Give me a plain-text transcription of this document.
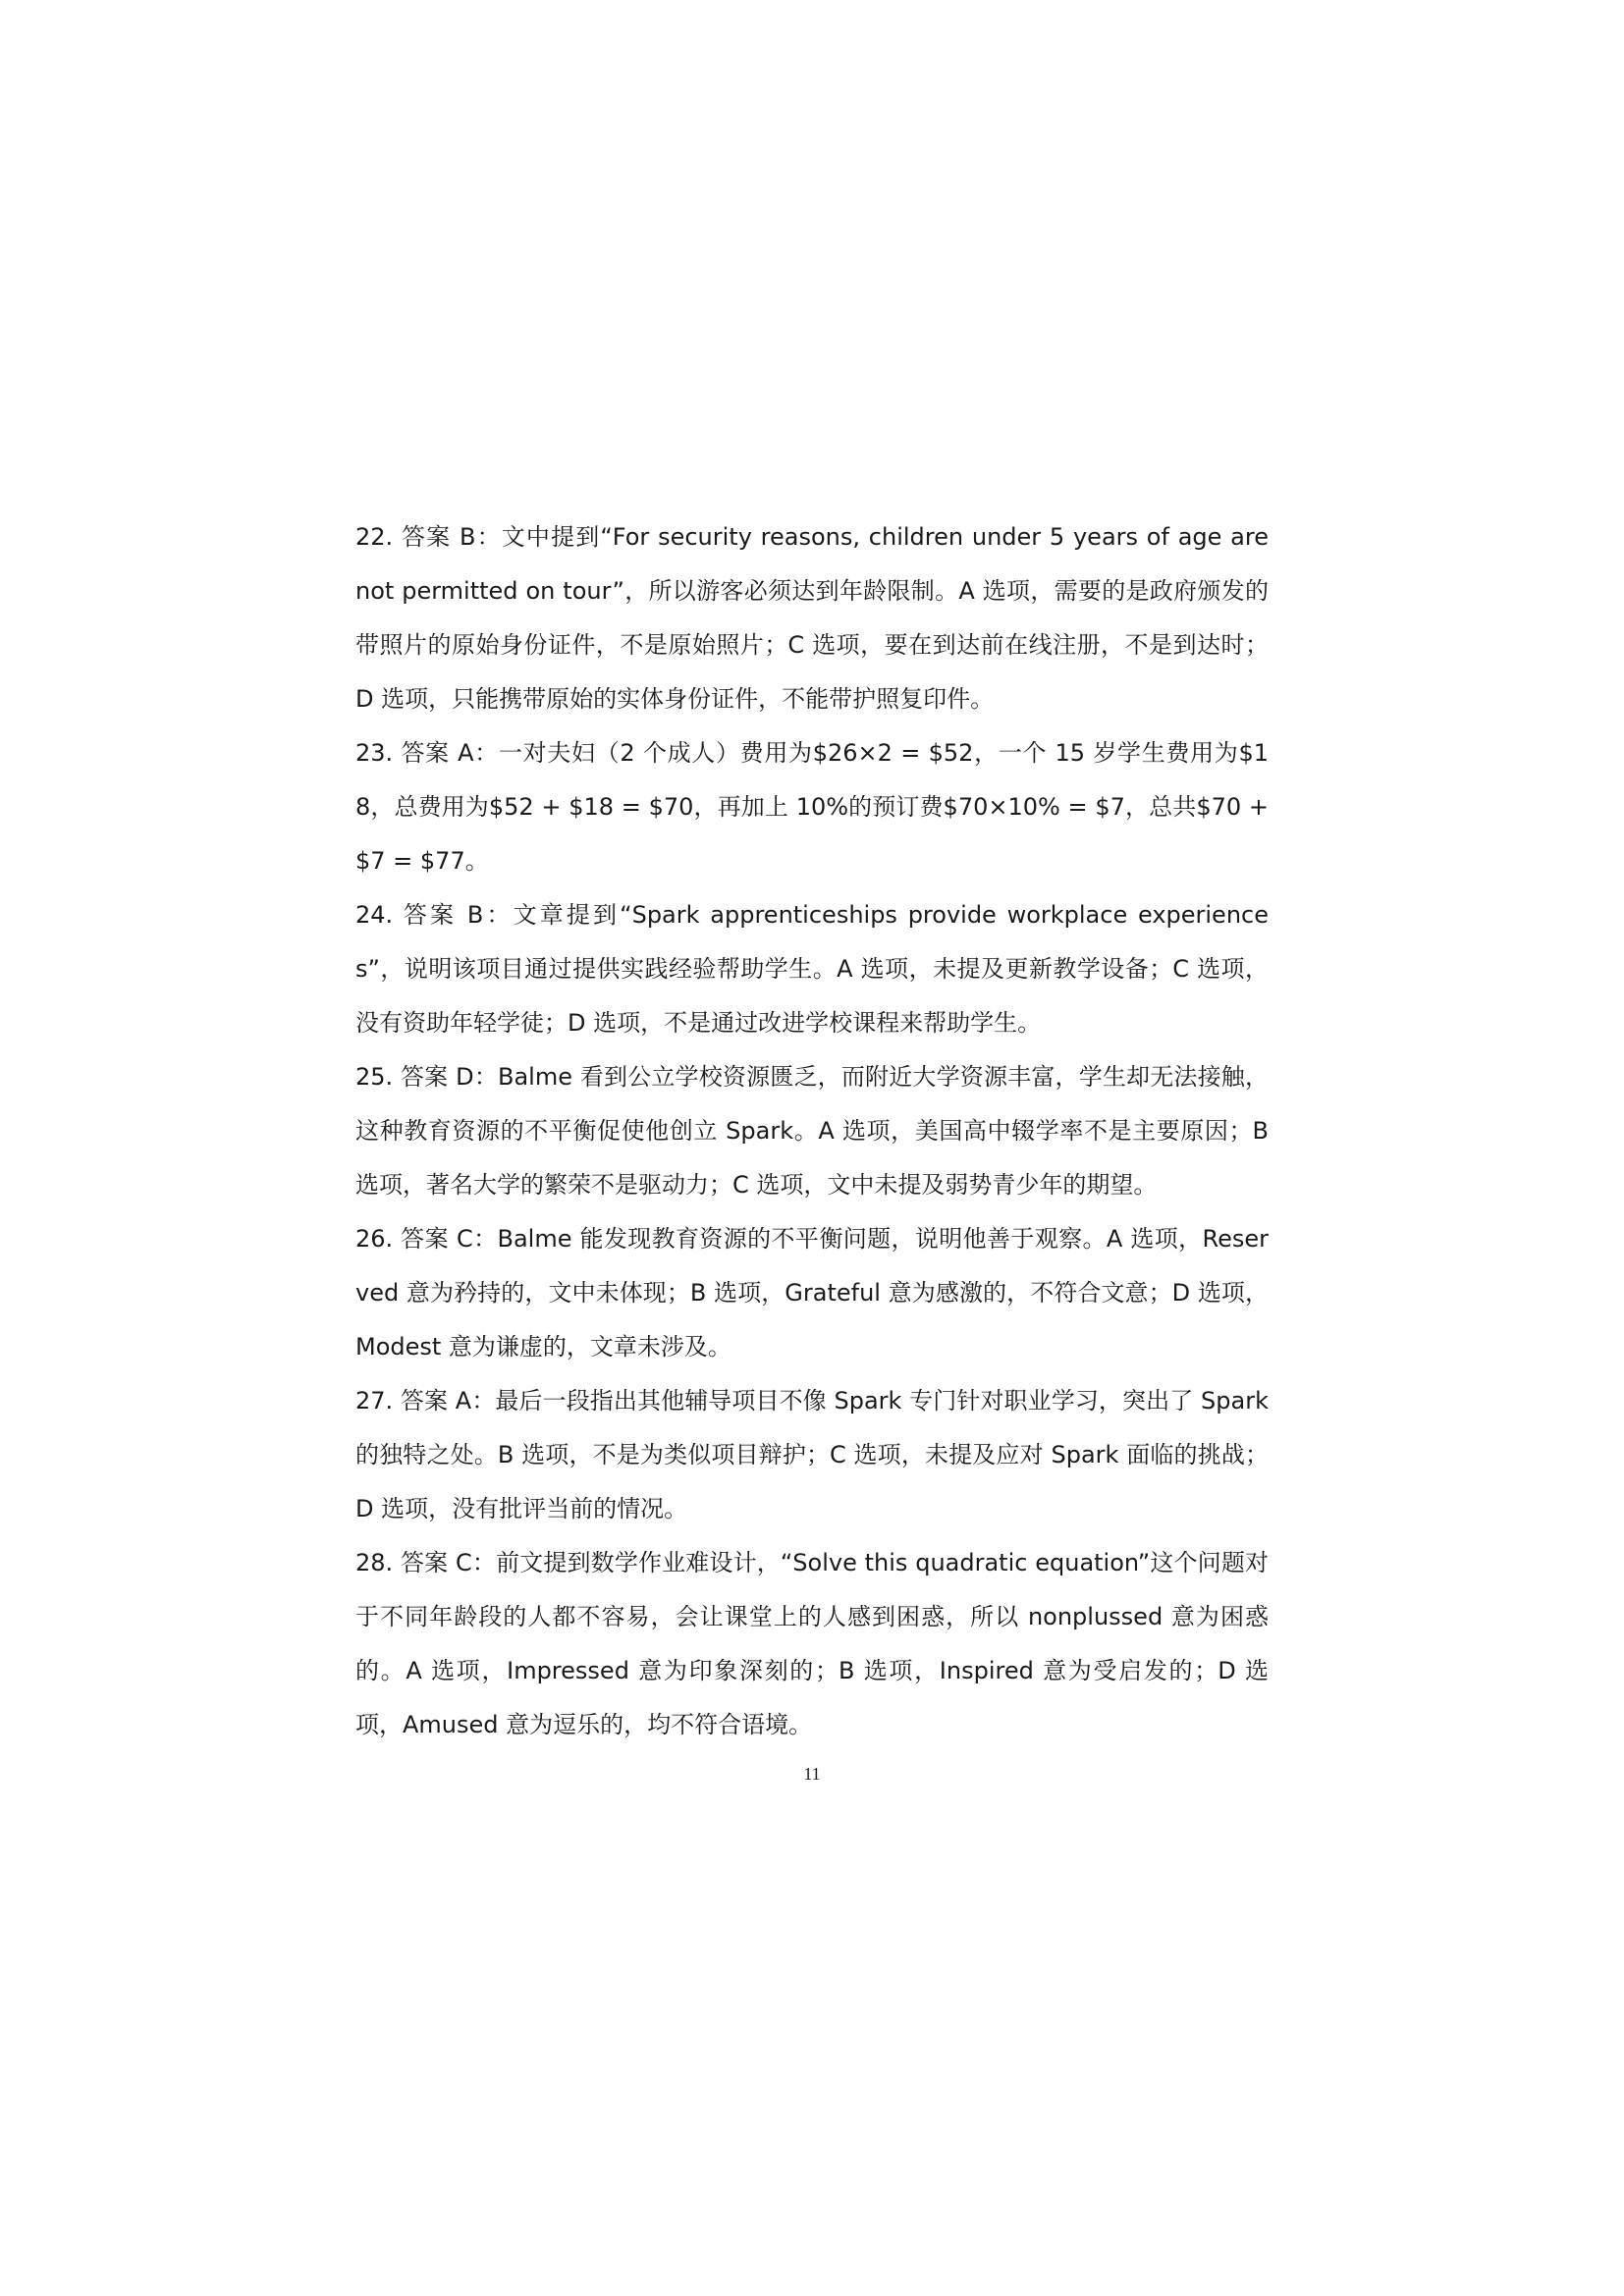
22. 答案 B：文中提到“For security reasons, children under 5 years of age are not permitted on tour”，所以游客必须达到年龄限制。A 选项，需要的是政府颁发的带照片的原始身份证件，不是原始照片；C 选项，要在到达前在线注册，不是到达时；D 选项，只能携带原始的实体身份证件，不能带护照复印件。

23. 答案 A：一对夫妇（2 个成人）费用为$26×2 = $52，一个 15 岁学生费用为$18，总费用为$52 + $18 = $70，再加上 10%的预订费$70×10% = $7，总共$70 + $7 = $77。

24. 答案 B：文章提到“Spark apprenticeships provide workplace experiences”，说明该项目通过提供实践经验帮助学生。A 选项，未提及更新教学设备；C 选项，没有资助年轻学徒；D 选项，不是通过改进学校课程来帮助学生。

25. 答案 D：Balme 看到公立学校资源匮乏，而附近大学资源丰富，学生却无法接触，这种教育资源的不平衡促使他创立 Spark。A 选项，美国高中辍学率不是主要原因；B 选项，著名大学的繁荣不是驱动力；C 选项，文中未提及弱势青少年的期望。

26. 答案 C：Balme 能发现教育资源的不平衡问题，说明他善于观察。A 选项，Reserved 意为矜持的，文中未体现；B 选项，Grateful 意为感激的，不符合文意；D 选项，Modest 意为谦虚的，文章未涉及。

27. 答案 A：最后一段指出其他辅导项目不像 Spark 专门针对职业学习，突出了 Spark 的独特之处。B 选项，不是为类似项目辩护；C 选项，未提及应对 Spark 面临的挑战；D 选项，没有批评当前的情况。

28. 答案 C：前文提到数学作业难设计，“Solve this quadratic equation”这个问题对于不同年龄段的人都不容易，会让课堂上的人感到困惑，所以 nonplussed 意为困惑的。A 选项，Impressed 意为印象深刻的；B 选项，Inspired 意为受启发的；D 选项，Amused 意为逗乐的，均不符合语境。

11
